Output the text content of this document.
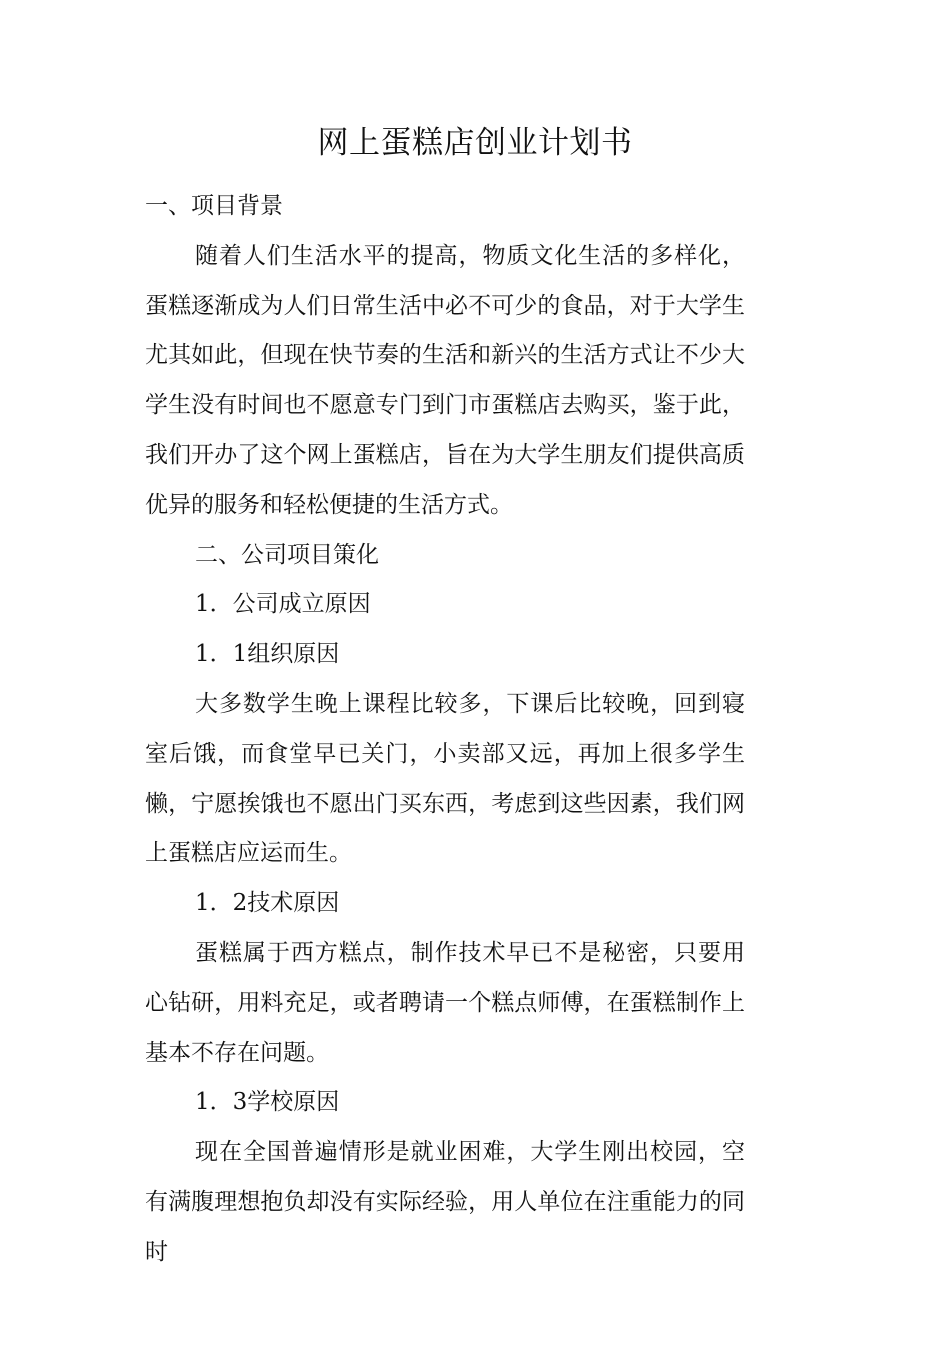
网上蛋糕店创业计划书

一、项目背景

随着人们生活水平的提高，物质文化生活的多样化，蛋糕逐渐成为人们日常生活中必不可少的食品，对于大学生尤其如此，但现在快节奏的生活和新兴的生活方式让不少大学生没有时间也不愿意专门到门市蛋糕店去购买，鉴于此，我们开办了这个网上蛋糕店，旨在为大学生朋友们提供高质优异的服务和轻松便捷的生活方式。

二、公司项目策化

1．公司成立原因

1．1组织原因

大多数学生晚上课程比较多，下课后比较晚，回到寝室后饿，而食堂早已关门，小卖部又远，再加上很多学生懒，宁愿挨饿也不愿出门买东西，考虑到这些因素，我们网上蛋糕店应运而生。

1．2技术原因

蛋糕属于西方糕点，制作技术早已不是秘密，只要用心钻研，用料充足，或者聘请一个糕点师傅，在蛋糕制作上基本不存在问题。

1．3学校原因

现在全国普遍情形是就业困难，大学生刚出校园，空有满腹理想抱负却没有实际经验，用人单位在注重能力的同时
